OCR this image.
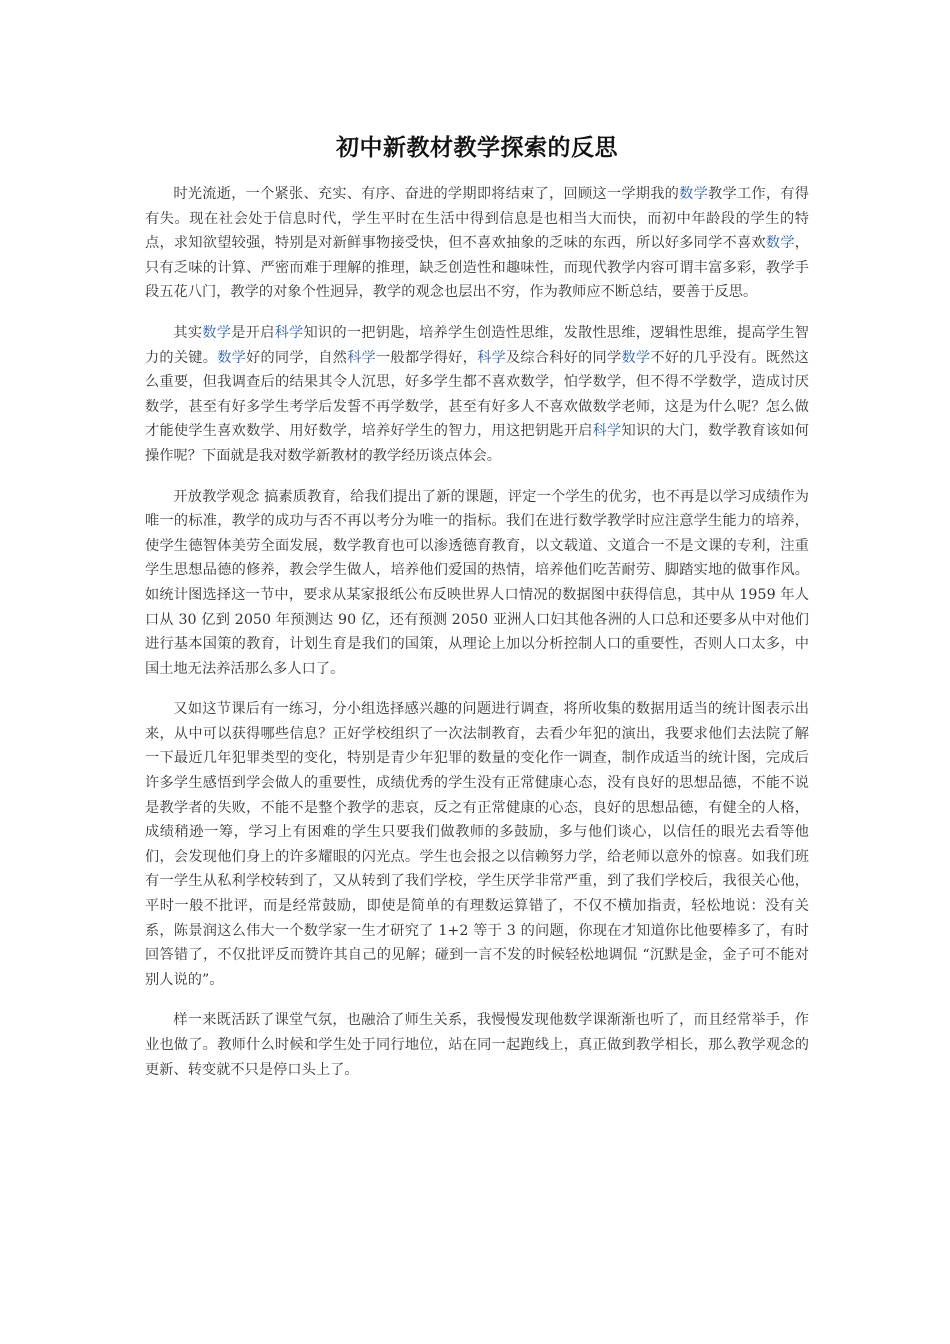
初中新教材教学探索的反思

时光流逝，一个紧张、充实、有序、奋进的学期即将结束了，回顾这一学期我的数学教学工作，有得有失。现在社会处于信息时代，学生平时在生活中得到信息是也相当大而快，而初中年龄段的学生的特点，求知欲望较强，特别是对新鲜事物接受快，但不喜欢抽象的乏味的东西，所以好多同学不喜欢数学，只有乏味的计算、严密而难于理解的推理，缺乏创造性和趣味性，而现代教学内容可谓丰富多彩，教学手段五花八门，教学的对象个性迥异，教学的观念也层出不穷，作为教师应不断总结，要善于反思。

其实数学是开启科学知识的一把钥匙，培养学生创造性思维，发散性思维，逻辑性思维，提高学生智力的关键。数学好的同学，自然科学一般都学得好，科学及综合科好的同学数学不好的几乎没有。既然这么重要，但我调查后的结果其令人沉思，好多学生都不喜欢数学，怕学数学，但不得不学数学，造成讨厌数学，甚至有好多学生考学后发誓不再学数学，甚至有好多人不喜欢做数学老师，这是为什么呢？怎么做才能使学生喜欢数学、用好数学，培养好学生的智力，用这把钥匙开启科学知识的大门，数学教育该如何操作呢？下面就是我对数学新教材的教学经历谈点体会。

开放教学观念 搞素质教育，给我们提出了新的课题，评定一个学生的优劣，也不再是以学习成绩作为唯一的标准，教学的成功与否不再以考分为唯一的指标。我们在进行数学教学时应注意学生能力的培养，使学生德智体美劳全面发展，数学教育也可以渗透德育教育，以文载道、文道合一不是文课的专利，注重学生思想品德的修养，教会学生做人，培养他们爱国的热情，培养他们吃苦耐劳、脚踏实地的做事作风。如统计图选择这一节中，要求从某家报纸公布反映世界人口情况的数据图中获得信息，其中从 1959 年人口从 30 亿到 2050 年预测达 90 亿，还有预测 2050 亚洲人口妇其他各洲的人口总和还要多从中对他们进行基本国策的教育，计划生育是我们的国策，从理论上加以分析控制人口的重要性，否则人口太多，中国土地无法养活那么多人口了。

又如这节课后有一练习，分小组选择感兴趣的问题进行调查，将所收集的数据用适当的统计图表示出来，从中可以获得哪些信息？正好学校组织了一次法制教育，去看少年犯的演出，我要求他们去法院了解一下最近几年犯罪类型的变化，特别是青少年犯罪的数量的变化作一调查，制作成适当的统计图，完成后许多学生感悟到学会做人的重要性，成绩优秀的学生没有正常健康心态，没有良好的思想品德，不能不说是教学者的失败，不能不是整个教学的悲哀，反之有正常健康的心态，良好的思想品德，有健全的人格，成绩稍逊一筹，学习上有困难的学生只要我们做教师的多鼓励，多与他们谈心，以信任的眼光去看等他们，会发现他们身上的许多耀眼的闪光点。学生也会报之以信赖努力学，给老师以意外的惊喜。如我们班有一学生从私利学校转到了，又从转到了我们学校，学生厌学非常严重，到了我们学校后，我很关心他，平时一般不批评，而是经常鼓励，即使是简单的有理数运算错了，不仅不横加指责，轻松地说：没有关系，陈景润这么伟大一个数学家一生才研究了 1+2 等于 3 的问题，你现在才知道你比他要棒多了，有时回答错了，不仅批评反而赞许其自己的见解；碰到一言不发的时候轻松地调侃 “沉默是金，金子可不能对别人说的”。

样一来既活跃了课堂气氛，也融洽了师生关系，我慢慢发现他数学课渐渐也听了，而且经常举手，作业也做了。教师什么时候和学生处于同行地位，站在同一起跑线上，真正做到教学相长，那么教学观念的更新、转变就不只是停口头上了。
